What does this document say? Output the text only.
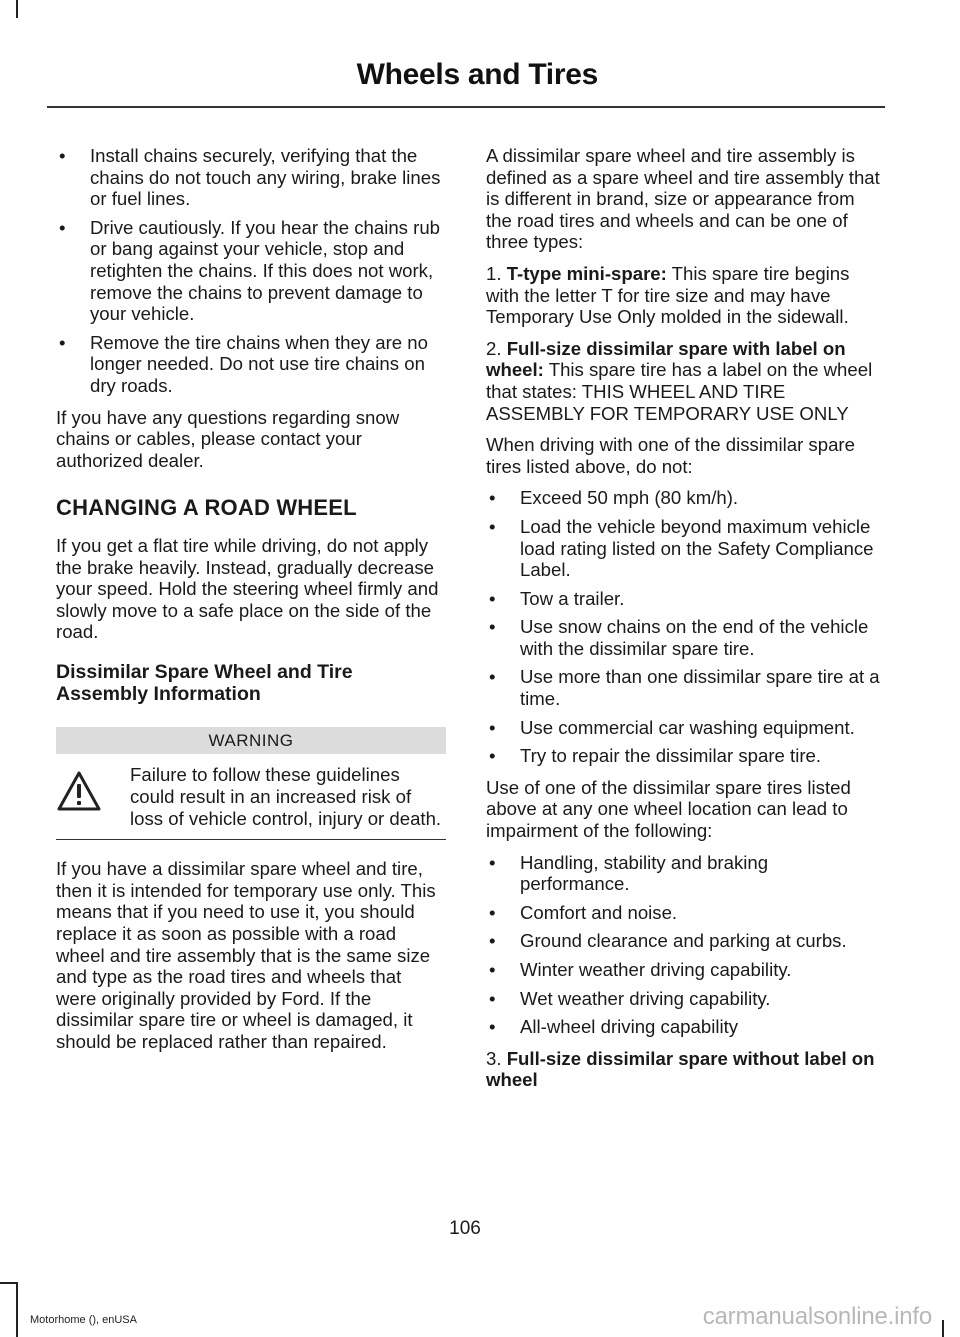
Wheels and Tires
• Install chains securely, verifying that the chains do not touch any wiring, brake lines or fuel lines.
• Drive cautiously. If you hear the chains rub or bang against your vehicle, stop and retighten the chains. If this does not work, remove the chains to prevent damage to your vehicle.
• Remove the tire chains when they are no longer needed. Do not use tire chains on dry roads.

If you have any questions regarding snow chains or cables, please contact your authorized dealer.

CHANGING A ROAD WHEEL

If you get a flat tire while driving, do not apply the brake heavily. Instead, gradually decrease your speed. Hold the steering wheel firmly and slowly move to a safe place on the side of the road.

Dissimilar Spare Wheel and Tire Assembly Information
WARNING
Failure to follow these guidelines could result in an increased risk of loss of vehicle control, injury or death.

If you have a dissimilar spare wheel and tire, then it is intended for temporary use only. This means that if you need to use it, you should replace it as soon as possible with a road wheel and tire assembly that is the same size and type as the road tires and wheels that were originally provided by Ford. If the dissimilar spare tire or wheel is damaged, it should be replaced rather than repaired.

A dissimilar spare wheel and tire assembly is defined as a spare wheel and tire assembly that is different in brand, size or appearance from the road tires and wheels and can be one of three types:

1. T-type mini-spare: This spare tire begins with the letter T for tire size and may have Temporary Use Only molded in the sidewall.

2. Full-size dissimilar spare with label on wheel: This spare tire has a label on the wheel that states: THIS WHEEL AND TIRE ASSEMBLY FOR TEMPORARY USE ONLY

When driving with one of the dissimilar spare tires listed above, do not:

• Exceed 50 mph (80 km/h).
• Load the vehicle beyond maximum vehicle load rating listed on the Safety Compliance Label.
• Tow a trailer.
• Use snow chains on the end of the vehicle with the dissimilar spare tire.
• Use more than one dissimilar spare tire at a time.
• Use commercial car washing equipment.
• Try to repair the dissimilar spare tire.

Use of one of the dissimilar spare tires listed above at any one wheel location can lead to impairment of the following:

• Handling, stability and braking performance.
• Comfort and noise.
• Ground clearance and parking at curbs.
• Winter weather driving capability.
• Wet weather driving capability.
• All-wheel driving capability

3. Full-size dissimilar spare without label on wheel

106
Motorhome (), enUSA	carmanualsonline.info
